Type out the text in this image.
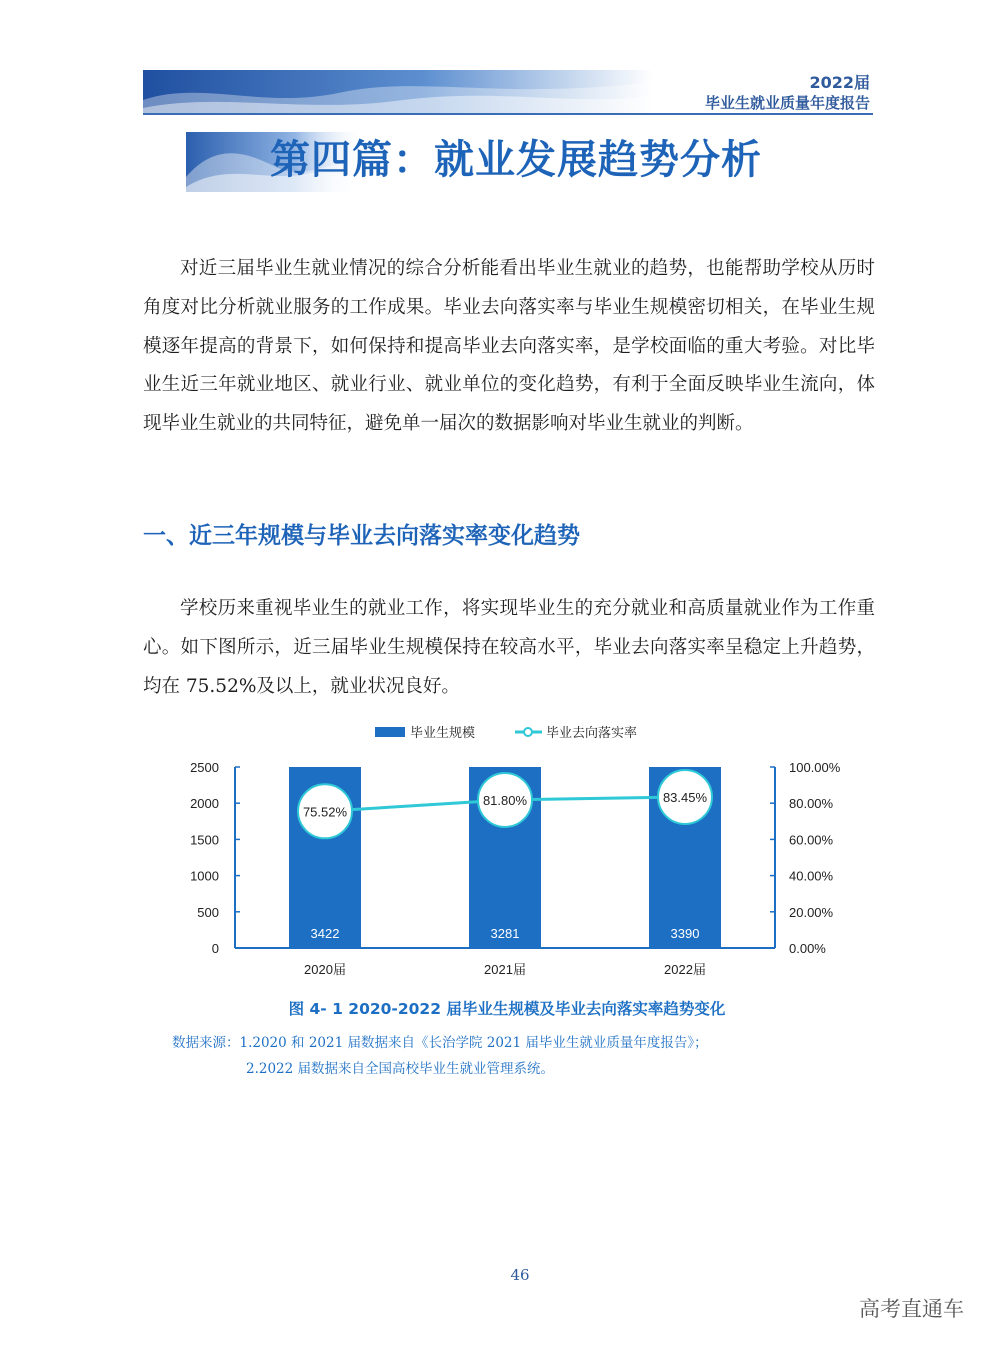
2022届
毕业生就业质量年度报告
第四篇：就业发展趋势分析
对近三届毕业生就业情况的综合分析能看出毕业生就业的趋势，也能帮助学校从历时角度对比分析就业服务的工作成果。毕业去向落实率与毕业生规模密切相关，在毕业生规模逐年提高的背景下，如何保持和提高毕业去向落实率，是学校面临的重大考验。对比毕业生近三年就业地区、就业行业、就业单位的变化趋势，有利于全面反映毕业生流向，体现毕业生就业的共同特征，避免单一届次的数据影响对毕业生就业的判断。
一、近三年规模与毕业去向落实率变化趋势
学校历来重视毕业生的就业工作，将实现毕业生的充分就业和高质量就业作为工作重心。如下图所示，近三届毕业生规模保持在较高水平，毕业去向落实率呈稳定上升趋势，均在 75.52%及以上，就业状况良好。
毕业生规模	毕业去向落实率
0
500
1000
1500
2000
2500
0.00%
20.00%
40.00%
60.00%
80.00%
100.00%
2020届	2021届	2022届
3422	3281	3390
75.52%
81.80%	83.45%
图 4- 1 2020-2022 届毕业生规模及毕业去向落实率趋势变化
数据来源：1.2020 和 2021 届数据来自《长治学院 2021 届毕业生就业质量年度报告》；
2.2022 届数据来自全国高校毕业生就业管理系统。
46
高考直通车
